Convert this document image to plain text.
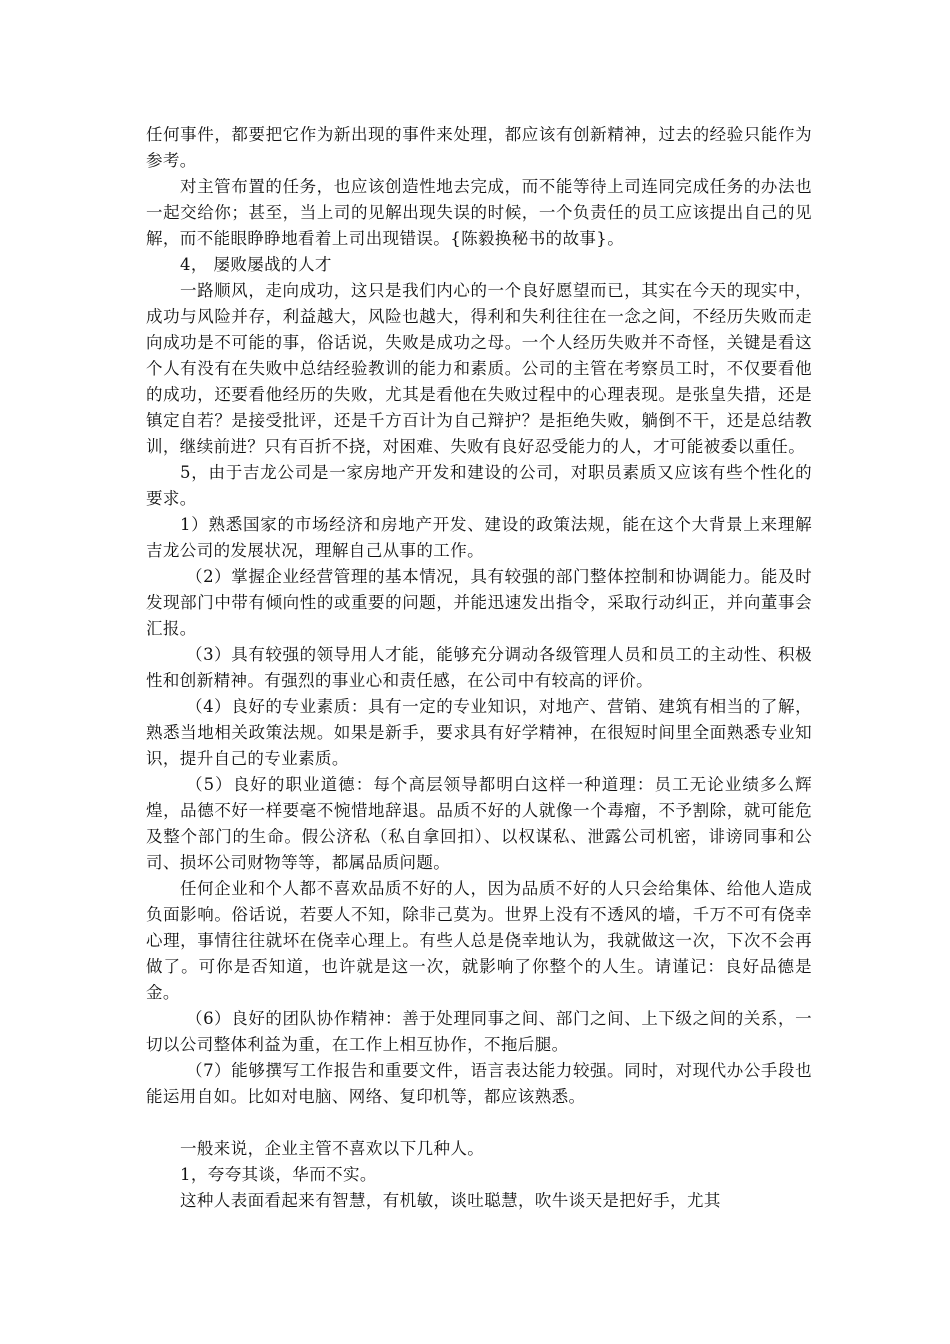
任何事件，都要把它作为新出现的事件来处理，都应该有创新精神，过去的经验只能作为参考。

对主管布置的任务，也应该创造性地去完成，而不能等待上司连同完成任务的办法也一起交给你；甚至，当上司的见解出现失误的时候，一个负责任的员工应该提出自己的见解，而不能眼睁睁地看着上司出现错误。{陈毅换秘书的故事}。

4， 屡败屡战的人才

一路顺风，走向成功，这只是我们内心的一个良好愿望而已，其实在今天的现实中，成功与风险并存，利益越大，风险也越大，得利和失利往往在一念之间，不经历失败而走向成功是不可能的事，俗话说，失败是成功之母。一个人经历失败并不奇怪，关键是看这个人有没有在失败中总结经验教训的能力和素质。公司的主管在考察员工时，不仅要看他的成功，还要看他经历的失败，尤其是看他在失败过程中的心理表现。是张皇失措，还是镇定自若？是接受批评，还是千方百计为自己辩护？是拒绝失败，躺倒不干，还是总结教训，继续前进？只有百折不挠，对困难、失败有良好忍受能力的人，才可能被委以重任。

5，由于吉龙公司是一家房地产开发和建设的公司，对职员素质又应该有些个性化的要求。

1）熟悉国家的市场经济和房地产开发、建设的政策法规，能在这个大背景上来理解吉龙公司的发展状况，理解自己从事的工作。

（2）掌握企业经营管理的基本情况，具有较强的部门整体控制和协调能力。能及时发现部门中带有倾向性的或重要的问题，并能迅速发出指令，采取行动纠正，并向董事会汇报。

（3）具有较强的领导用人才能，能够充分调动各级管理人员和员工的主动性、积极性和创新精神。有强烈的事业心和责任感，在公司中有较高的评价。

（4）良好的专业素质：具有一定的专业知识，对地产、营销、建筑有相当的了解，熟悉当地相关政策法规。如果是新手，要求具有好学精神，在很短时间里全面熟悉专业知识，提升自己的专业素质。

（5）良好的职业道德：每个高层领导都明白这样一种道理：员工无论业绩多么辉煌，品德不好一样要毫不惋惜地辞退。品质不好的人就像一个毒瘤，不予割除，就可能危及整个部门的生命。假公济私（私自拿回扣）、以权谋私、泄露公司机密，诽谤同事和公司、损坏公司财物等等，都属品质问题。

任何企业和个人都不喜欢品质不好的人，因为品质不好的人只会给集体、给他人造成负面影响。俗话说，若要人不知，除非己莫为。世界上没有不透风的墙，千万不可有侥幸心理，事情往往就坏在侥幸心理上。有些人总是侥幸地认为，我就做这一次，下次不会再做了。可你是否知道，也许就是这一次，就影响了你整个的人生。请谨记：良好品德是金。

（6）良好的团队协作精神：善于处理同事之间、部门之间、上下级之间的关系，一切以公司整体利益为重，在工作上相互协作，不拖后腿。

（7）能够撰写工作报告和重要文件，语言表达能力较强。同时，对现代办公手段也能运用自如。比如对电脑、网络、复印机等，都应该熟悉。

一般来说，企业主管不喜欢以下几种人。

1，夸夸其谈，华而不实。

这种人表面看起来有智慧，有机敏，谈吐聪慧，吹牛谈天是把好手，尤其
